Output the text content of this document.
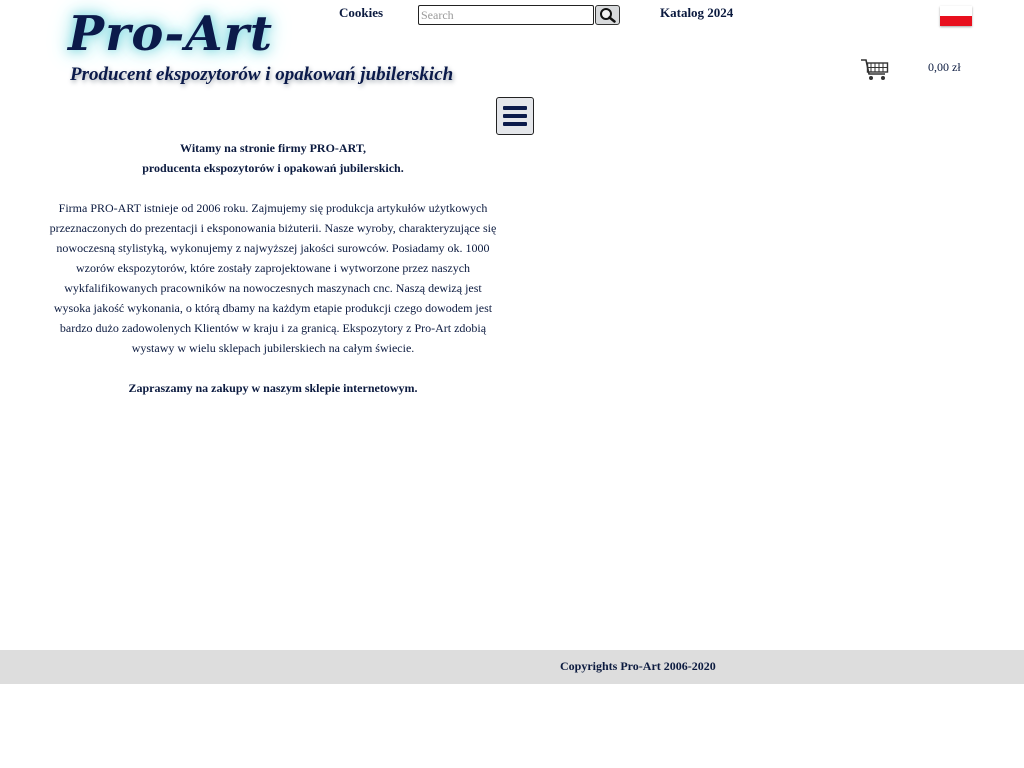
Pro-Art
Producent ekspozytorów i opakowań jubilerskich
Cookies
Search	Katalog 2024
0,00 zł

Witamy na stronie firmy PRO-ART,

producenta ekspozytorów i opakowań jubilerskich.

Firma PRO-ART istnieje od 2006 roku. Zajmujemy się produkcja artykułów użytkowych przeznaczonych do prezentacji i eksponowania biżuterii. Nasze wyroby, charakteryzujące się nowoczesną stylistyką, wykonujemy z najwyższej jakości surowców. Posiadamy ok. 1000 wzorów ekspozytorów, które zostały zaprojektowane i wytworzone przez naszych wykfalifikowanych pracowników na nowoczesnych maszynach cnc. Naszą dewizą jest wysoka jakość wykonania, o którą dbamy na każdym etapie produkcji czego dowodem jest bardzo dużo zadowolenych Klientów w kraju i za granicą. Ekspozytory z Pro-Art zdobią wystawy w wielu sklepach jubilerskiech na całym świecie.

Zapraszamy na zakupy w naszym sklepie internetowym.

Copyrights Pro-Art 2006-2020
